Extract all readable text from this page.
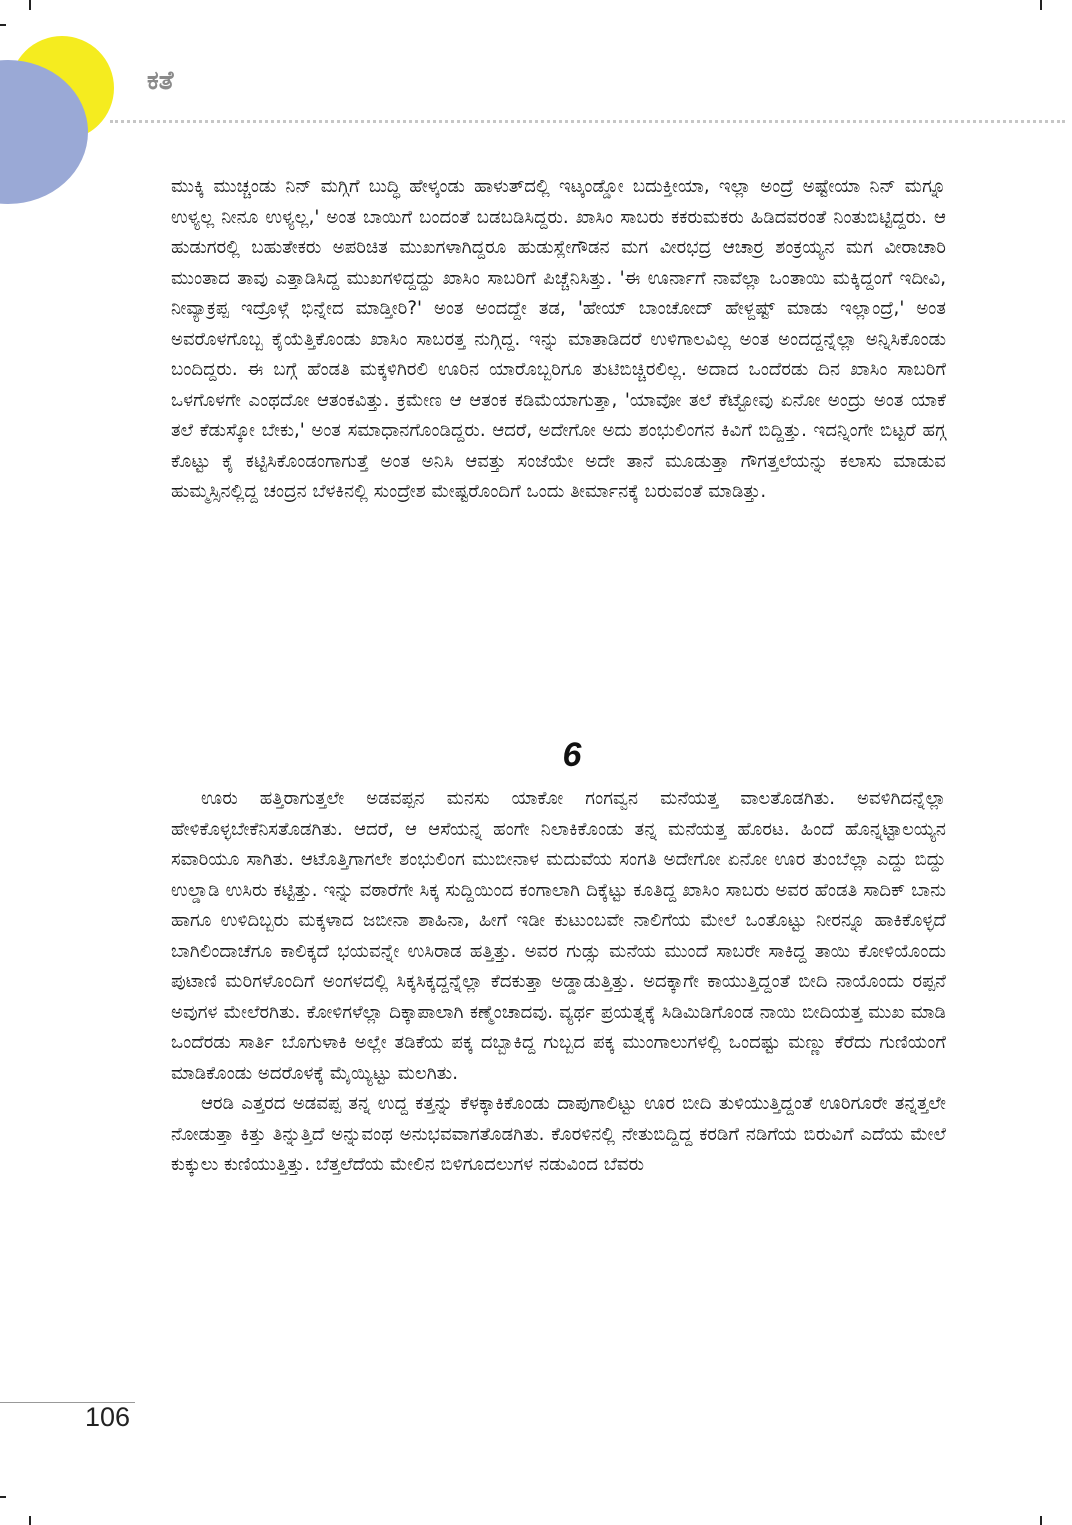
ಕತೆ

ಮುಕ್ಕಿ ಮುಚ್ಚಂಡು ನಿನ್ ಮಗ್ಗಿಗೆ ಬುದ್ಧಿ ಹೇಳ್ಕಂಡು ಹಾಳುತ್‌ದಲ್ಲಿ ಇಟ್ಕಂಡ್ಡೋ ಬದುಕ್ತೀಯಾ, ಇಲ್ಲಾ ಅಂದ್ರೆ ಅಷ್ಟೇಯಾ ನಿನ್ ಮಗ್ನೂ ಉಳ್ಯಲ್ಲ ನೀನೂ ಉಳ್ಯಲ್ಲ,' ಅಂತ ಬಾಯಿಗೆ ಬಂದಂತೆ ಬಡಬಡಿಸಿದ್ದರು. ಖಾಸಿಂ ಸಾಬರು ಕಕರುಮಕರು ಹಿಡಿದವರಂತೆ ನಿಂತುಬಿಟ್ಟಿದ್ದರು. ಆ ಹುಡುಗರಲ್ಲಿ ಬಹುತೇಕರು ಅಪರಿಚಿತ ಮುಖಗಳಾಗಿದ್ದರೂ ಹುಡುಸ್ಲೇಗೌಡನ ಮಗ ವೀರಭದ್ರ ಆಚಾರ್ರ ಶಂಕ್ರಯ್ಯನ ಮಗ ವೀರಾಚಾರಿ ಮುಂತಾದ ತಾವು ಎತ್ತಾಡಿಸಿದ್ದ ಮುಖಗಳಿದ್ದದ್ದು ಖಾಸಿಂ ಸಾಬರಿಗೆ ಪಿಚ್ಚೆನಿಸಿತ್ತು. 'ಈ ಊರ್ನಾಗೆ ನಾವೆಲ್ಲಾ ಒಂತಾಯಿ ಮಕ್ಕಿದ್ದಂಗೆ ಇದೀವಿ, ನೀವ್ಯಾಕ್ರಪ್ಪ ಇದ್ರೊಳ್ಗೆ ಭಿನ್ನೇದ ಮಾಡ್ತೀರಿ?' ಅಂತ ಅಂದದ್ದೇ ತಡ, 'ಹೇಯ್ ಬಾಂಚೋದ್ ಹೇಳ್ದಷ್ಟ್ ಮಾಡು ಇಲ್ಲಾಂದ್ರೆ,' ಅಂತ ಅವರೊಳಗೊಬ್ಬ ಕೈಯೆತ್ತಿಕೊಂಡು ಖಾಸಿಂ ಸಾಬರತ್ತ ನುಗ್ಗಿದ್ದ. ಇನ್ನು ಮಾತಾಡಿದರೆ ಉಳಿಗಾಲವಿಲ್ಲ ಅಂತ ಅಂದದ್ದನ್ನೆಲ್ಲಾ ಅನ್ನಿಸಿಕೊಂಡು ಬಂದಿದ್ದರು. ಈ ಬಗ್ಗೆ ಹೆಂಡತಿ ಮಕ್ಕಳಿಗಿರಲಿ ಊರಿನ ಯಾರೊಬ್ಬರಿಗೂ ತುಟಿಬಿಚ್ಚಿರಲಿಲ್ಲ. ಅದಾದ ಒಂದೆರಡು ದಿನ ಖಾಸಿಂ ಸಾಬರಿಗೆ ಒಳಗೊಳಗೇ ಎಂಥದೋ ಆತಂಕವಿತ್ತು. ಕ್ರಮೇಣ ಆ ಆತಂಕ ಕಡಿಮೆಯಾಗುತ್ತಾ, 'ಯಾವೋ ತಲೆ ಕೆಟ್ಟೋವು ಏನೋ ಅಂದ್ರು ಅಂತ ಯಾಕೆ ತಲೆ ಕೆಡುಸ್ಕೋ ಬೇಕು,' ಅಂತ ಸಮಾಧಾನಗೊಂಡಿದ್ದರು. ಆದರೆ, ಅದೇಗೋ ಅದು ಶಂಭುಲಿಂಗನ ಕಿವಿಗೆ ಬಿದ್ದಿತ್ತು. ಇದನ್ನಿಂಗೇ ಬಿಟ್ಟರೆ ಹಗ್ಗ ಕೊಟ್ಟು ಕೈ ಕಟ್ಟಿಸಿಕೊಂಡಂಗಾಗುತ್ತೆ ಅಂತ ಅನಿಸಿ ಆವತ್ತು ಸಂಜೆಯೇ ಅದೇ ತಾನೆ ಮೂಡುತ್ತಾ ಗೌಗತ್ತಲೆಯನ್ನು ಕಲಾಸು ಮಾಡುವ ಹುಮ್ಮಸ್ಸಿನಲ್ಲಿದ್ದ ಚಂದ್ರನ ಬೆಳಕಿನಲ್ಲಿ ಸುಂದ್ರೇಶ ಮೇಷ್ಟರೊಂದಿಗೆ ಒಂದು ತೀರ್ಮಾನಕ್ಕೆ ಬರುವಂತೆ ಮಾಡಿತ್ತು.

6

ಊರು ಹತ್ತಿರಾಗುತ್ತಲೇ ಅಡವಪ್ಪನ ಮನಸು ಯಾಕೋ ಗಂಗವ್ವನ ಮನೆಯತ್ತ ವಾಲತೊಡಗಿತು. ಅವಳಿಗಿದನ್ನೆಲ್ಲಾ ಹೇಳಿಕೊಳ್ಳಬೇಕೆನಿಸತೊಡಗಿತು. ಆದರೆ, ಆ ಆಸೆಯನ್ನ ಹಂಗೇ ನಿಲಾಕಿಕೊಂಡು ತನ್ನ ಮನೆಯತ್ತ ಹೊರಟ. ಹಿಂದೆ ಹೊನ್ನಟ್ಟಾಲಯ್ಯನ ಸವಾರಿಯೂ ಸಾಗಿತು. ಆಟೊತ್ತಿಗಾಗಲೇ ಶಂಭುಲಿಂಗ ಮುಬೀನಾಳ ಮದುವೆಯ ಸಂಗತಿ ಅದೇಗೋ ಏನೋ ಊರ ತುಂಬೆಲ್ಲಾ ಎದ್ದು ಬಿದ್ದು ಉಲ್ಡಾಡಿ ಉಸಿರು ಕಟ್ಟಿತ್ತು. ಇನ್ನು ವಠಾರೆಗೇ ಸಿಕ್ಕ ಸುದ್ದಿಯಿಂದ ಕಂಗಾಲಾಗಿ ದಿಕ್ಕೆಟ್ಟು ಕೂತಿದ್ದ ಖಾಸಿಂ ಸಾಬರು ಅವರ ಹೆಂಡತಿ ಸಾದಿಕ್ ಬಾನು ಹಾಗೂ ಉಳಿದಿಬ್ಬರು ಮಕ್ಕಳಾದ ಜಬೀನಾ ಶಾಹಿನಾ, ಹೀಗೆ ಇಡೀ ಕುಟುಂಬವೇ ನಾಲಿಗೆಯ ಮೇಲೆ ಒಂತೊಟ್ಟು ನೀರನ್ನೂ ಹಾಕಿಕೊಳ್ಳದೆ ಬಾಗಿಲಿಂದಾಚೆಗೂ ಕಾಲಿಕ್ಕದೆ ಭಯವನ್ನೇ ಉಸಿರಾಡ ಹತ್ತಿತ್ತು. ಅವರ ಗುಡ್ಸು ಮನೆಯ ಮುಂದೆ ಸಾಬರೇ ಸಾಕಿದ್ದ ತಾಯಿ ಕೋಳಿಯೊಂದು ಪುಟಾಣಿ ಮರಿಗಳೊಂದಿಗೆ ಅಂಗಳದಲ್ಲಿ ಸಿಕ್ಕಸಿಕ್ಕದ್ದನ್ನೆಲ್ಲಾ ಕೆದಕುತ್ತಾ ಅಡ್ಡಾಡುತ್ತಿತ್ತು. ಅದಕ್ಕಾಗೇ ಕಾಯುತ್ತಿದ್ದಂತೆ ಬೀದಿ ನಾಯೊಂದು ರಪ್ಪನೆ ಅವುಗಳ ಮೇಲೆರಗಿತು. ಕೋಳಿಗಳೆಲ್ಲಾ ದಿಕ್ಕಾಪಾಲಾಗಿ ಕಣ್ಮೆಂಚಾದವು. ವ್ಯರ್ಥ ಪ್ರಯತ್ನಕ್ಕೆ ಸಿಡಿಮಿಡಿಗೊಂಡ ನಾಯಿ ಬೀದಿಯತ್ತ ಮುಖ ಮಾಡಿ ಒಂದೆರಡು ಸಾರ್ತಿ ಬೊಗುಳಾಕಿ ಅಲ್ಲೇ ತಡಿಕೆಯ ಪಕ್ಕ ದಬ್ಬಾಕಿದ್ದ ಗುಬ್ಬದ ಪಕ್ಕ ಮುಂಗಾಲುಗಳಲ್ಲಿ ಒಂದಷ್ಟು ಮಣ್ಣು ಕೆರೆದು ಗುಣಿಯಂಗೆ ಮಾಡಿಕೊಂಡು ಅದರೊಳಕ್ಕೆ ಮೈಯ್ಯಿಟ್ಟು ಮಲಗಿತು.

ಆರಡಿ ಎತ್ತರದ ಅಡವಪ್ಪ ತನ್ನ ಉದ್ದ ಕತ್ತನ್ನು ಕೆಳಕ್ಕಾಕಿಕೊಂಡು ದಾಪುಗಾಲಿಟ್ಟು ಊರ ಬೀದಿ ತುಳಿಯುತ್ತಿದ್ದಂತೆ ಊರಿಗೂರೇ ತನ್ನತ್ತಲೇ ನೋಡುತ್ತಾ ಕಿತ್ತು ತಿನ್ನುತ್ತಿದೆ ಅನ್ನುವಂಥ ಅನುಭವವಾಗತೊಡಗಿತು. ಕೊರಳಿನಲ್ಲಿ ನೇತುಬಿದ್ದಿದ್ದ ಕರಡಿಗೆ ನಡಿಗೆಯ ಬಿರುವಿಗೆ ಎದೆಯ ಮೇಲೆ ಕುಕ್ಕುಲು ಕುಣಿಯುತ್ತಿತ್ತು. ಬೆತ್ತಲೆದೆಯ ಮೇಲಿನ ಬಿಳಿಗೂದಲುಗಳ ನಡುವಿಂದ ಬೆವರು

106
